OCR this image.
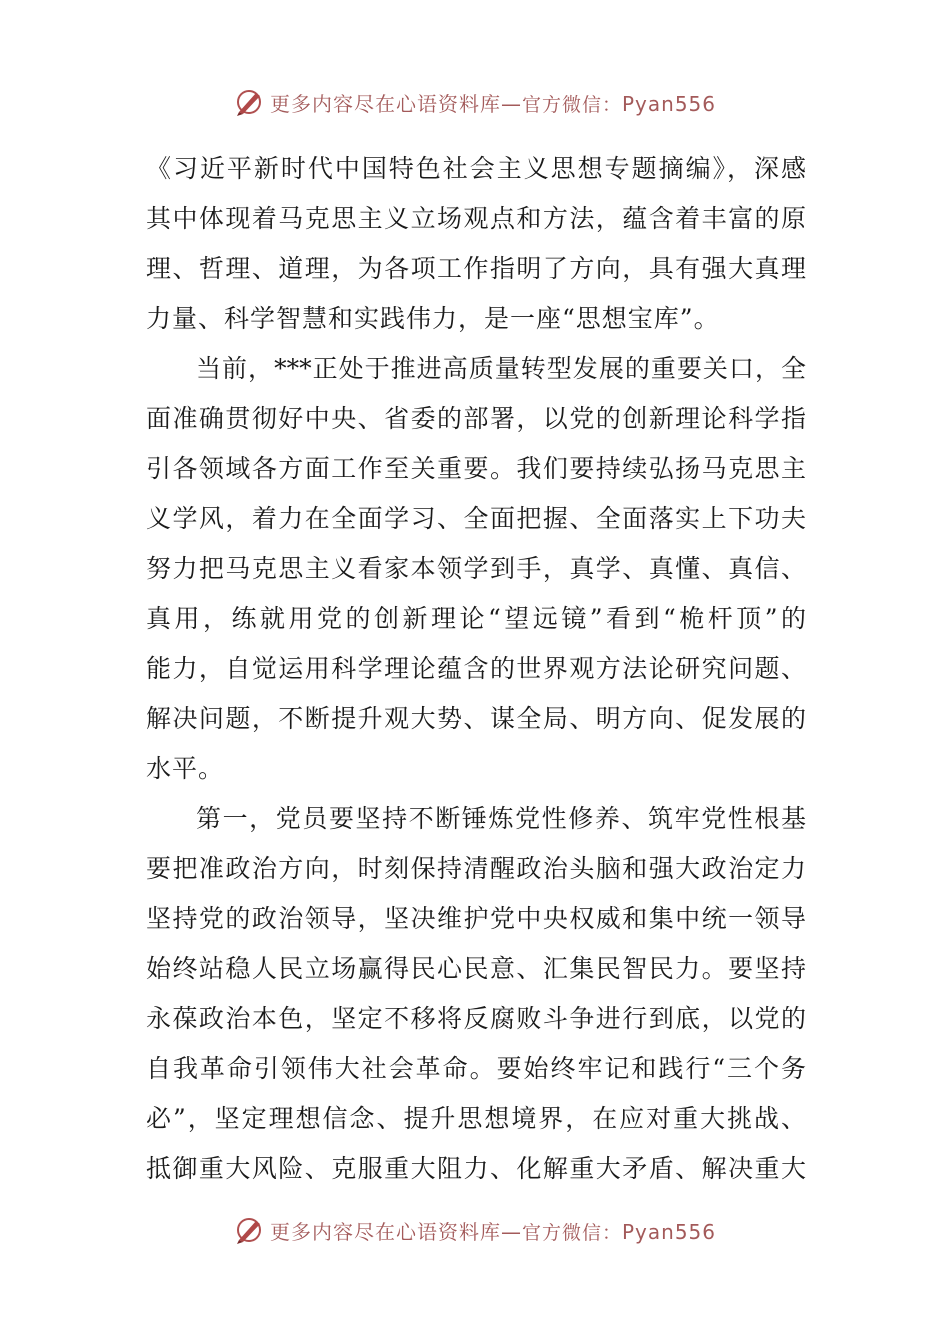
更多内容尽在心语资料库—官方微信：Pyan556
《习近平新时代中国特色社会主义思想专题摘编》，深感
其中体现着马克思主义立场观点和方法，蕴含着丰富的原
理、哲理、道理，为各项工作指明了方向，具有强大真理
力量、科学智慧和实践伟力，是一座“思想宝库”。
当前，***正处于推进高质量转型发展的重要关口，全
面准确贯彻好中央、省委的部署，以党的创新理论科学指
引各领域各方面工作至关重要。我们要持续弘扬马克思主
义学风，着力在全面学习、全面把握、全面落实上下功夫
努力把马克思主义看家本领学到手，真学、真懂、真信、
真用，练就用党的创新理论“望远镜”看到“桅杆顶”的
能力，自觉运用科学理论蕴含的世界观方法论研究问题、
解决问题，不断提升观大势、谋全局、明方向、促发展的
水平。
第一，党员要坚持不断锤炼党性修养、筑牢党性根基
要把准政治方向，时刻保持清醒政治头脑和强大政治定力
坚持党的政治领导，坚决维护党中央权威和集中统一领导
始终站稳人民立场赢得民心民意、汇集民智民力。要坚持
永葆政治本色，坚定不移将反腐败斗争进行到底，以党的
自我革命引领伟大社会革命。要始终牢记和践行“三个务
必”，坚定理想信念、提升思想境界，在应对重大挑战、
抵御重大风险、克服重大阻力、化解重大矛盾、解决重大
更多内容尽在心语资料库—官方微信：Pyan556
